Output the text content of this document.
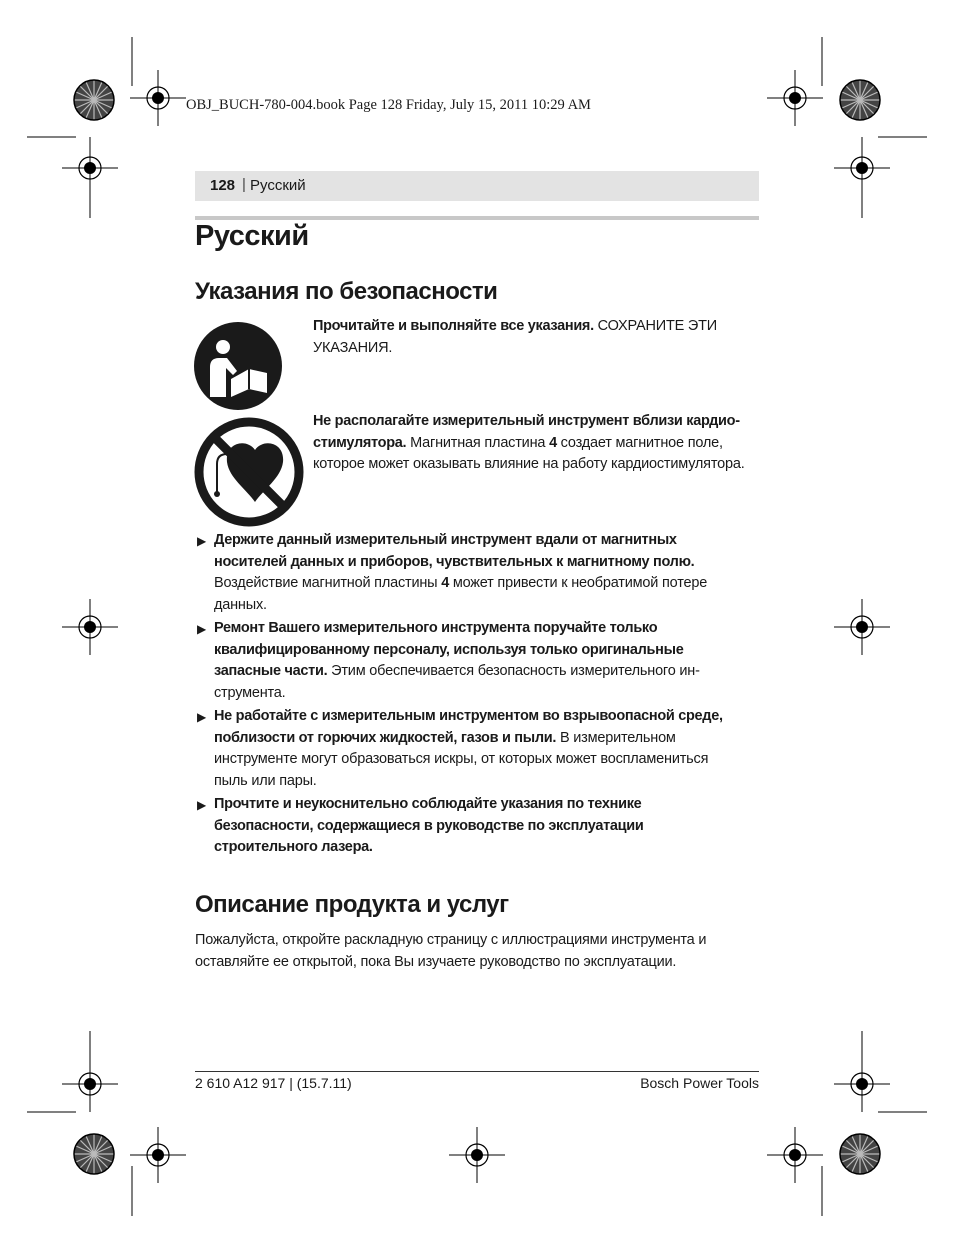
OBJ_BUCH-780-004.book Page 128 Friday, July 15, 2011 10:29 AM
128 | Русский
Русский
Указания по безопасности
Прочитайте и выполняйте все указания. СОХРАНИТЕ ЭТИ
УКАЗАНИЯ.
Не располагайте измерительный инструмент вблизи кардио-
стимулятора. Магнитная пластина 4 создает магнитное поле,
которое может оказывать влияние на работу кардиостимулятора.
▶ Держите данный измерительный инструмент вдали от магнитных
носителей данных и приборов, чувствительных к магнитному полю.
Воздействие магнитной пластины 4 может привести к необратимой потере
данных.
▶ Ремонт Вашего измерительного инструмента поручайте только
квалифицированному персоналу, используя только оригинальные
запасные части. Этим обеспечивается безопасность измерительного ин-
струмента.
▶ Не работайте с измерительным инструментом во взрывоопасной среде,
поблизости от горючих жидкостей, газов и пыли. В измерительном
инструменте могут образоваться искры, от которых может воспламениться
пыль или пары.
▶ Прочтите и неукоснительно соблюдайте указания по технике
безопасности, содержащиеся в руководстве по эксплуатации
строительного лазера.
Описание продукта и услуг
Пожалуйста, откройте раскладную страницу с иллюстрациями инструмента и
оставляйте ее открытой, пока Вы изучаете руководство по эксплуатации.
2 610 A12 917 | (15.7.11)	Bosch Power Tools
